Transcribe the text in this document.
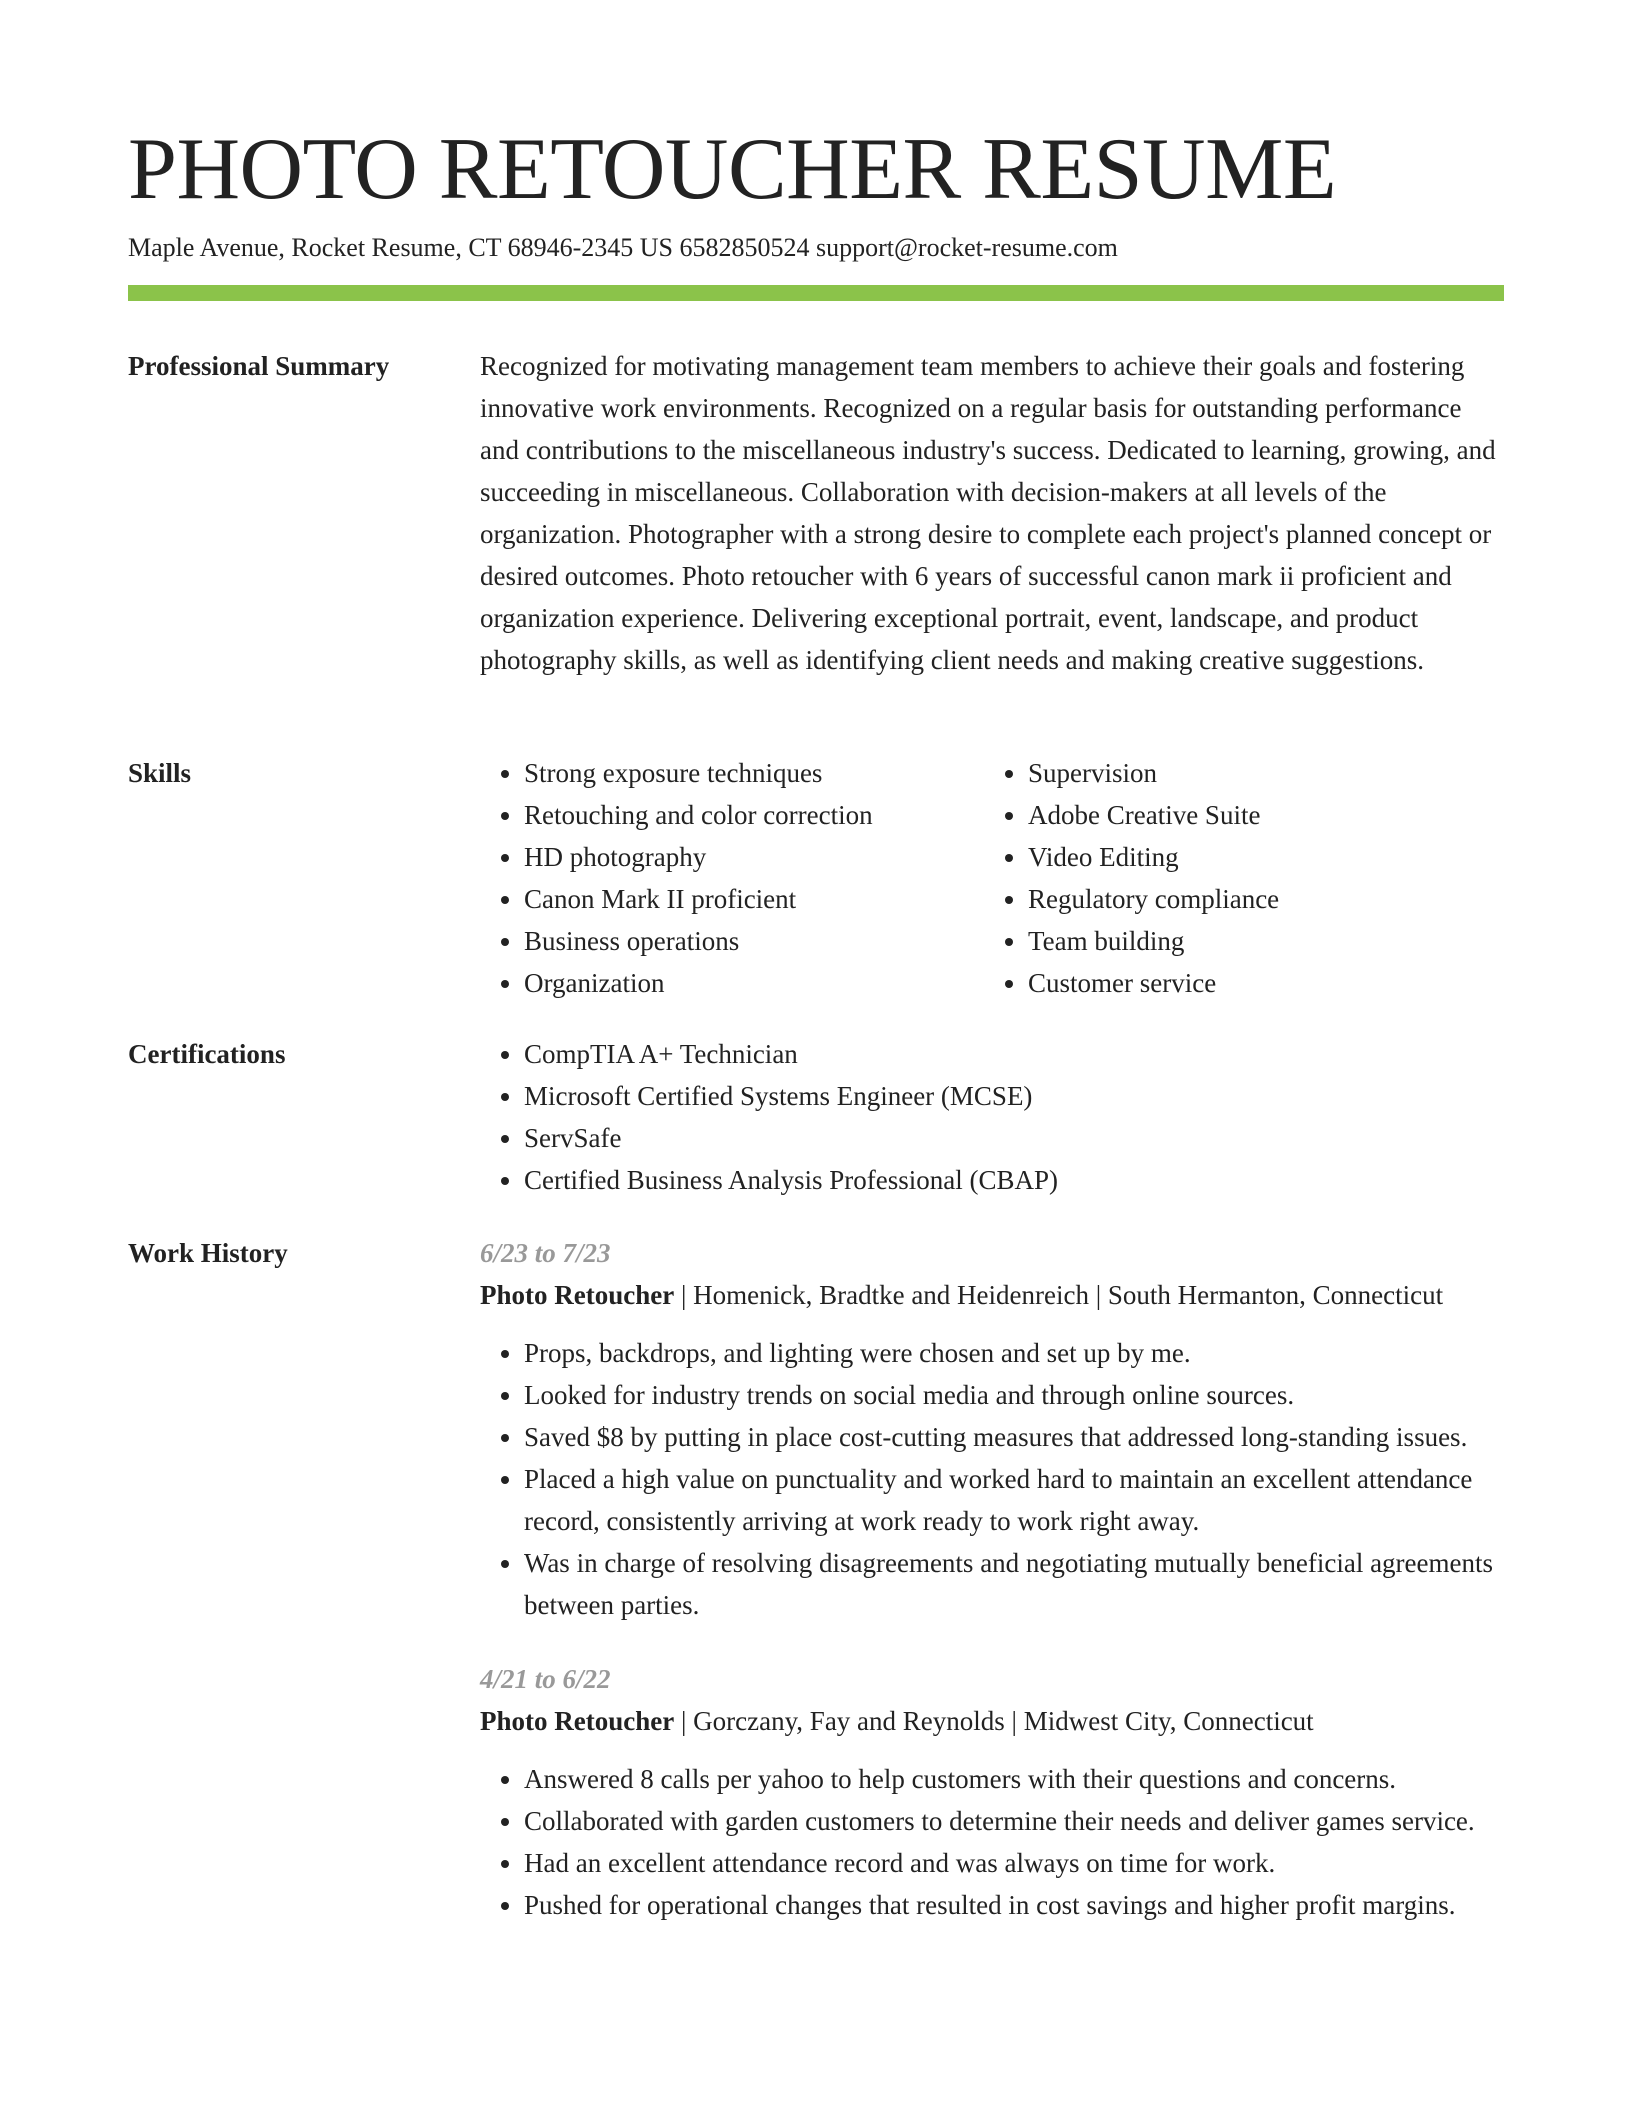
PHOTO RETOUCHER RESUME
Maple Avenue, Rocket Resume, CT 68946-2345 US 6582850524 support@rocket-resume.com
Professional Summary	Recognized for motivating management team members to achieve their goals and fostering innovative work environments. Recognized on a regular basis for outstanding performance and contributions to the miscellaneous industry's success. Dedicated to learning, growing, and succeeding in miscellaneous. Collaboration with decision-makers at all levels of the organization. Photographer with a strong desire to complete each project's planned concept or desired outcomes. Photo retoucher with 6 years of successful canon mark ii proficient and organization experience. Delivering exceptional portrait, event, landscape, and product photography skills, as well as identifying client needs and making creative suggestions.

Skills	• Strong exposure techniques
• Retouching and color correction
• HD photography
• Canon Mark II proficient
• Business operations
• Organization
• Supervision
• Adobe Creative Suite
• Video Editing
• Regulatory compliance
• Team building
• Customer service
Certifications	• CompTIA A+ Technician
• Microsoft Certified Systems Engineer (MCSE)
• ServSafe
• Certified Business Analysis Professional (CBAP)
Work History	6/23 to 7/23
Photo Retoucher | Homenick, Bradtke and Heidenreich | South Hermanton, Connecticut
• Props, backdrops, and lighting were chosen and set up by me.
• Looked for industry trends on social media and through online sources.
• Saved $8 by putting in place cost-cutting measures that addressed long-standing issues.
• Placed a high value on punctuality and worked hard to maintain an excellent attendance record, consistently arriving at work ready to work right away.
• Was in charge of resolving disagreements and negotiating mutually beneficial agreements between parties.
4/21 to 6/22
Photo Retoucher | Gorczany, Fay and Reynolds | Midwest City, Connecticut
• Answered 8 calls per yahoo to help customers with their questions and concerns.
• Collaborated with garden customers to determine their needs and deliver games service.
• Had an excellent attendance record and was always on time for work.
• Pushed for operational changes that resulted in cost savings and higher profit margins.
